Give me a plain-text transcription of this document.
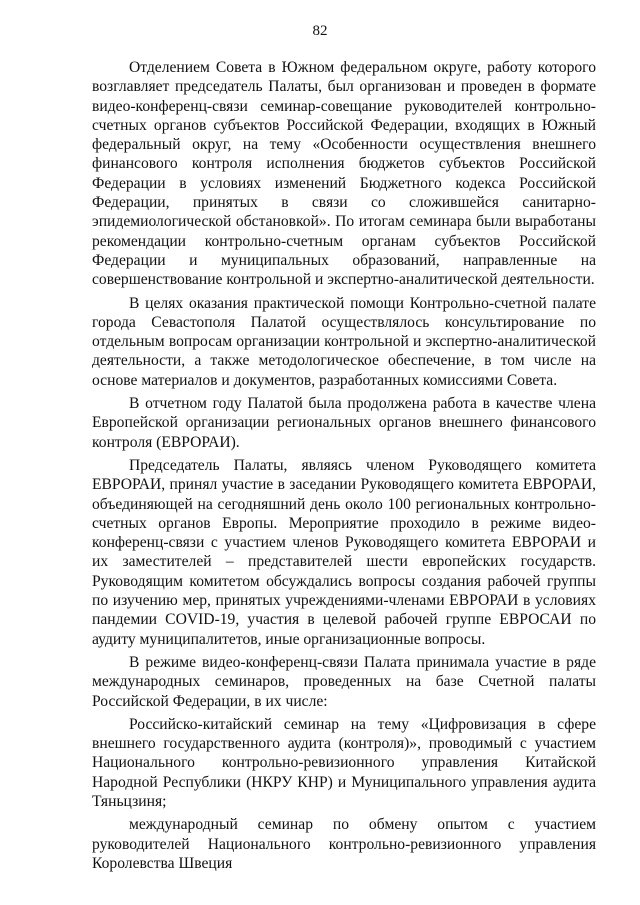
82

Отделением Совета в Южном федеральном округе, работу которого возглавляет председатель Палаты, был организован и проведен в формате видео-конференц-связи семинар-совещание руководителей контрольно-счетных органов субъектов Российской Федерации, входящих в Южный федеральный округ, на тему «Особенности осуществления внешнего финансового контроля исполнения бюджетов субъектов Российской Федерации в условиях изменений Бюджетного кодекса Российской Федерации, принятых в связи со сложившейся санитарно-эпидемиологической обстановкой». По итогам семинара были выработаны рекомендации контрольно-счетным органам субъектов Российской Федерации и муниципальных образований, направленные на совершенствование контрольной и экспертно-аналитической деятельности.

В целях оказания практической помощи Контрольно-счетной палате города Севастополя Палатой осуществлялось консультирование по отдельным вопросам организации контрольной и экспертно-аналитической деятельности, а также методологическое обеспечение, в том числе на основе материалов и документов, разработанных комиссиями Совета.

В отчетном году Палатой была продолжена работа в качестве члена Европейской организации региональных органов внешнего финансового контроля (ЕВРОРАИ).

Председатель Палаты, являясь членом Руководящего комитета ЕВРОРАИ, принял участие в заседании Руководящего комитета ЕВРОРАИ, объединяющей на сегодняшний день около 100 региональных контрольно-счетных органов Европы. Мероприятие проходило в режиме видео-конференц-связи с участием членов Руководящего комитета ЕВРОРАИ и их заместителей – представителей шести европейских государств. Руководящим комитетом обсуждались вопросы создания рабочей группы по изучению мер, принятых учреждениями-членами ЕВРОРАИ в условиях пандемии COVID-19, участия в целевой рабочей группе ЕВРОСАИ по аудиту муниципалитетов, иные организационные вопросы.

В режиме видео-конференц-связи Палата принимала участие в ряде международных семинаров, проведенных на базе Счетной палаты Российской Федерации, в их числе:

Российско-китайский семинар на тему «Цифровизация в сфере внешнего государственного аудита (контроля)», проводимый с участием Национального контрольно-ревизионного управления Китайской Народной Республики (НКРУ КНР) и Муниципального управления аудита Тяньцзиня;

международный семинар по обмену опытом с участием руководителей Национального контрольно-ревизионного управления Королевства Швеция
